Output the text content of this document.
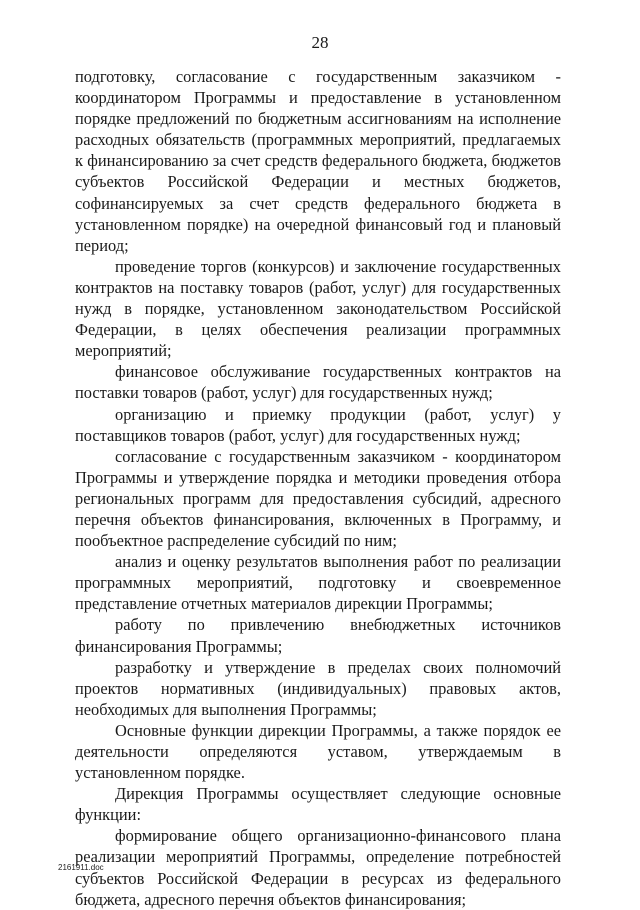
28

подготовку, согласование с государственным заказчиком - координатором Программы и предоставление в установленном порядке предложений по бюджетным ассигнованиям на исполнение расходных обязательств (программных мероприятий, предлагаемых к финансированию за счет средств федерального бюджета, бюджетов субъектов Российской Федерации и местных бюджетов, софинансируемых за счет средств федерального бюджета в установленном порядке) на очередной финансовый год и плановый период;

проведение торгов (конкурсов) и заключение государственных контрактов на поставку товаров (работ, услуг) для государственных нужд в порядке, установленном законодательством Российской Федерации, в целях обеспечения реализации программных мероприятий;

финансовое обслуживание государственных контрактов на поставки товаров (работ, услуг) для государственных нужд;

организацию и приемку продукции (работ, услуг) у поставщиков товаров (работ, услуг) для государственных нужд;

согласование с государственным заказчиком - координатором Программы и утверждение порядка и методики проведения отбора региональных программ для предоставления субсидий, адресного перечня объектов финансирования, включенных в Программу, и пообъектное распределение субсидий по ним;

анализ и оценку результатов выполнения работ по реализации программных мероприятий, подготовку и своевременное представление отчетных материалов дирекции Программы;

работу по привлечению внебюджетных источников финансирования Программы;

разработку и утверждение в пределах своих полномочий проектов нормативных (индивидуальных) правовых актов, необходимых для выполнения Программы;

Основные функции дирекции Программы, а также порядок ее деятельности определяются уставом, утверждаемым в установленном порядке.

Дирекция Программы осуществляет следующие основные функции:

формирование общего организационно-финансового плана реализации мероприятий Программы, определение потребностей субъектов Российской Федерации в ресурсах из федерального бюджета, адресного перечня объектов финансирования;

2161911.doc
